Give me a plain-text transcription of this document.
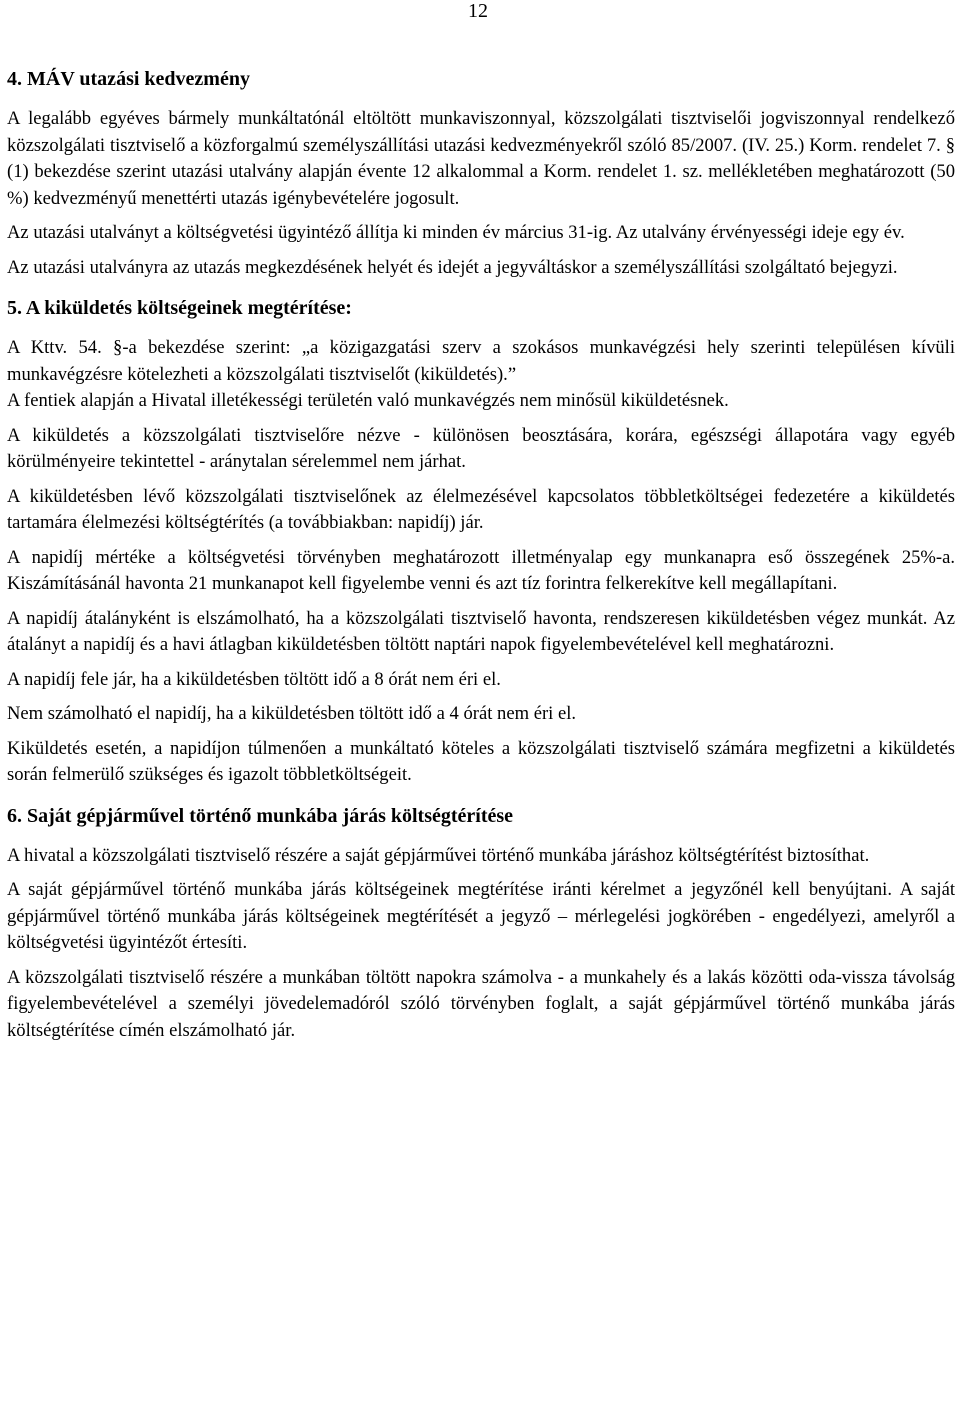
12
4. MÁV utazási kedvezmény

A legalább egyéves bármely munkáltatónál eltöltött munkaviszonnyal, közszolgálati tisztviselői jogviszonnyal rendelkező közszolgálati tisztviselő a közforgalmú személyszállítási utazási kedvezményekről szóló 85/2007. (IV. 25.) Korm. rendelet 7. § (1) bekezdése szerint utazási utalvány alapján évente 12 alkalommal a Korm. rendelet 1. sz. mellékletében meghatározott (50 %) kedvezményű menettérti utazás igénybevételére jogosult.

Az utazási utalványt a költségvetési ügyintéző állítja ki minden év március 31-ig. Az utalvány érvényességi ideje egy év.

Az utazási utalványra az utazás megkezdésének helyét és idejét a jegyváltáskor a személyszállítási szolgáltató bejegyzi.

5. A kiküldetés költségeinek megtérítése:

A Kttv. 54. §-a bekezdése szerint: „a közigazgatási szerv a szokásos munkavégzési hely szerinti településen kívüli munkavégzésre kötelezheti a közszolgálati tisztviselőt (kiküldetés).”

A fentiek alapján a Hivatal illetékességi területén való munkavégzés nem minősül kiküldetésnek.

A kiküldetés a közszolgálati tisztviselőre nézve - különösen beosztására, korára, egészségi állapotára vagy egyéb körülményeire tekintettel - aránytalan sérelemmel nem járhat.

A kiküldetésben lévő közszolgálati tisztviselőnek az élelmezésével kapcsolatos többletköltségei fedezetére a kiküldetés tartamára élelmezési költségtérítés (a továbbiakban: napidíj) jár.

A napidíj mértéke a költségvetési törvényben meghatározott illetményalap egy munkanapra eső összegének 25%-a. Kiszámításánál havonta 21 munkanapot kell figyelembe venni és azt tíz forintra felkerekítve kell megállapítani.

A napidíj átalányként is elszámolható, ha a közszolgálati tisztviselő havonta, rendszeresen kiküldetésben végez munkát. Az átalányt a napidíj és a havi átlagban kiküldetésben töltött naptári napok figyelembevételével kell meghatározni.

A napidíj fele jár, ha a kiküldetésben töltött idő a 8 órát nem éri el.

Nem számolható el napidíj, ha a kiküldetésben töltött idő a 4 órát nem éri el.

Kiküldetés esetén, a napidíjon túlmenően a munkáltató köteles a közszolgálati tisztviselő számára megfizetni a kiküldetés során felmerülő szükséges és igazolt többletköltségeit.

6. Saját gépjárművel történő munkába járás költségtérítése

A hivatal a közszolgálati tisztviselő részére a saját gépjárművei történő munkába járáshoz költségtérítést biztosíthat.

A saját gépjárművel történő munkába járás költségeinek megtérítése iránti kérelmet a jegyzőnél kell benyújtani. A saját gépjárművel történő munkába járás költségeinek megtérítését a jegyző – mérlegelési jogkörében - engedélyezi, amelyről a költségvetési ügyintézőt értesíti.

A közszolgálati tisztviselő részére a munkában töltött napokra számolva - a munkahely és a lakás közötti oda-vissza távolság figyelembevételével a személyi jövedelemadóról szóló törvényben foglalt, a saját gépjárművel történő munkába járás költségtérítése címén elszámolható jár.
